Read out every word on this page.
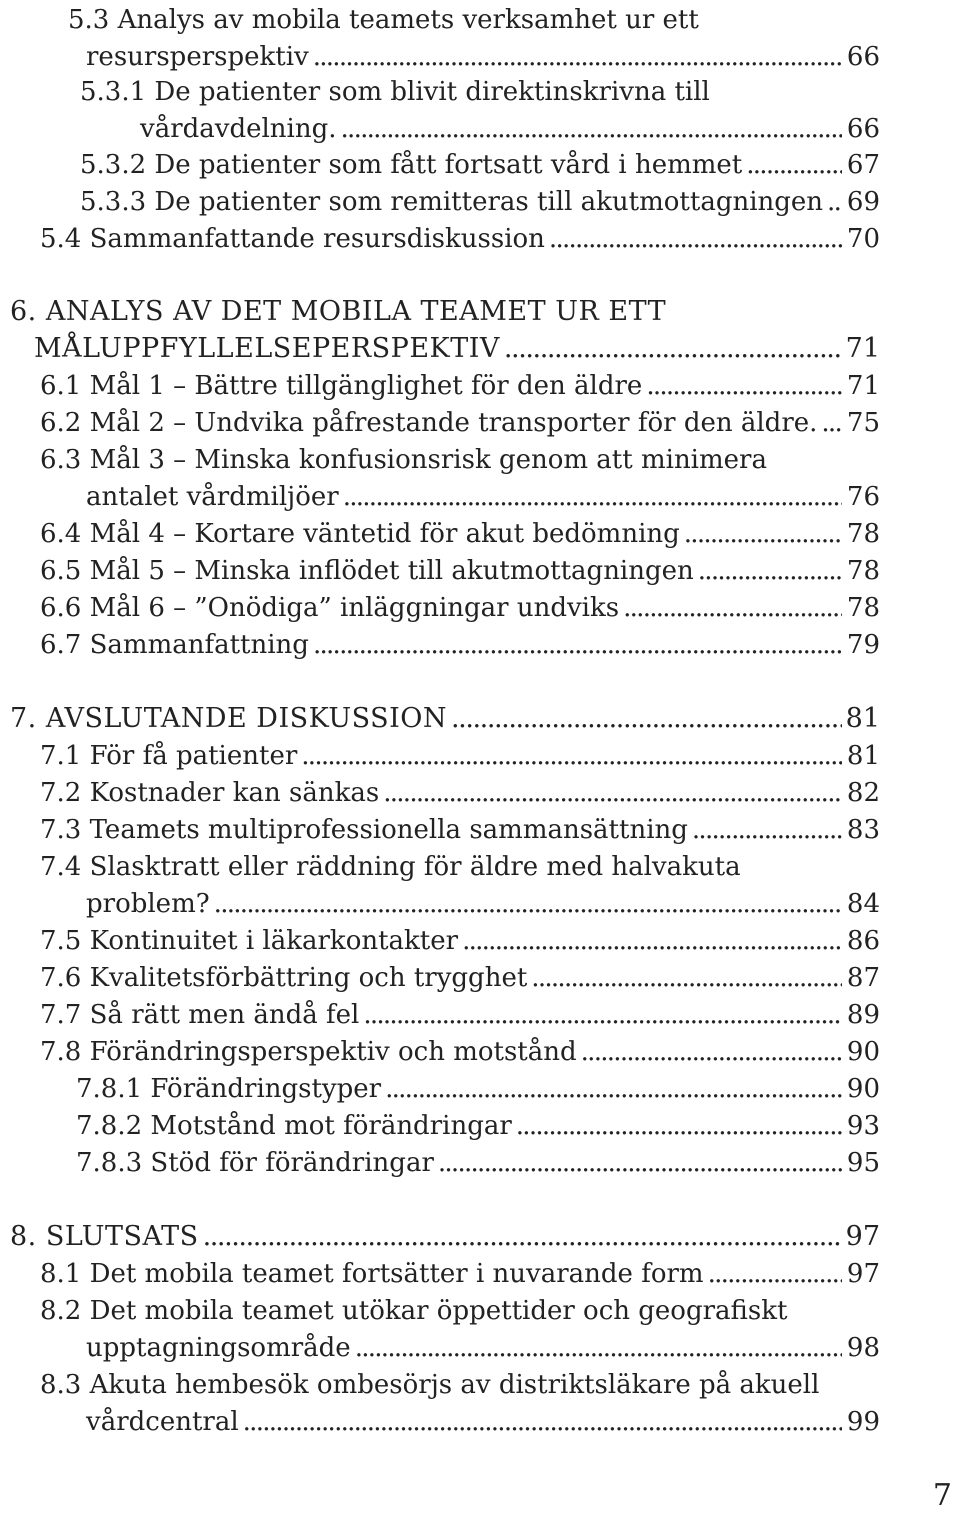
5.3 Analys av mobila teamets verksamhet ur ett
resursperspektiv . . .	66
5.3.1 De patienter som blivit direktinskrivna till
vårdavdelning. . . .	66
5.3.2 De patienter som fått fortsatt vård i hemmet . . .	67
5.3.3 De patienter som remitteras till akutmottagningen . . . 69
5.4 Sammanfattande resursdiskussion . . .	70
6. ANALYS AV DET MOBILA TEAMET UR ETT
MÅLUPPFYLLELSEPERSPEKTIV . . .	71
6.1 Mål 1 – Bättre tillgänglighet för den äldre . . .	71
6.2 Mål 2 – Undvika påfrestande transporter för den äldre. . . . 75
6.3 Mål 3 – Minska konfusionsrisk genom att minimera
antalet vårdmiljöer . . .	76
6.4 Mål 4 – Kortare väntetid för akut bedömning . . .	78
6.5 Mål 5 – Minska inflödet till akutmottagningen . . .	78
6.6 Mål 6 – ”Onödiga” inläggningar undviks . . .	78
6.7 Sammanfattning . . .	79
7. AVSLUTANDE DISKUSSION . . .	81
7.1 För få patienter . . .	81
7.2 Kostnader kan sänkas . . .	82
7.3 Teamets multiprofessionella sammansättning . . .	83
7.4 Slasktratt eller räddning för äldre med halvakuta
problem? . . .	84
7.5 Kontinuitet i läkarkontakter . . .	86
7.6 Kvalitetsförbättring och trygghet . . .	87
7.7 Så rätt men ändå fel . . .	89
7.8 Förändringsperspektiv och motstånd . . .	90
7.8.1 Förändringstyper . . .	90
7.8.2 Motstånd mot förändringar . . .	93
7.8.3 Stöd för förändringar . . .	95
8. SLUTSATS . . .	97
8.1 Det mobila teamet fortsätter i nuvarande form . . .	97
8.2 Det mobila teamet utökar öppettider och geografiskt
upptagningsområde . . .	98
8.3 Akuta hembesök ombesörjs av distriktsläkare på akuell
vårdcentral . . .	99
7
